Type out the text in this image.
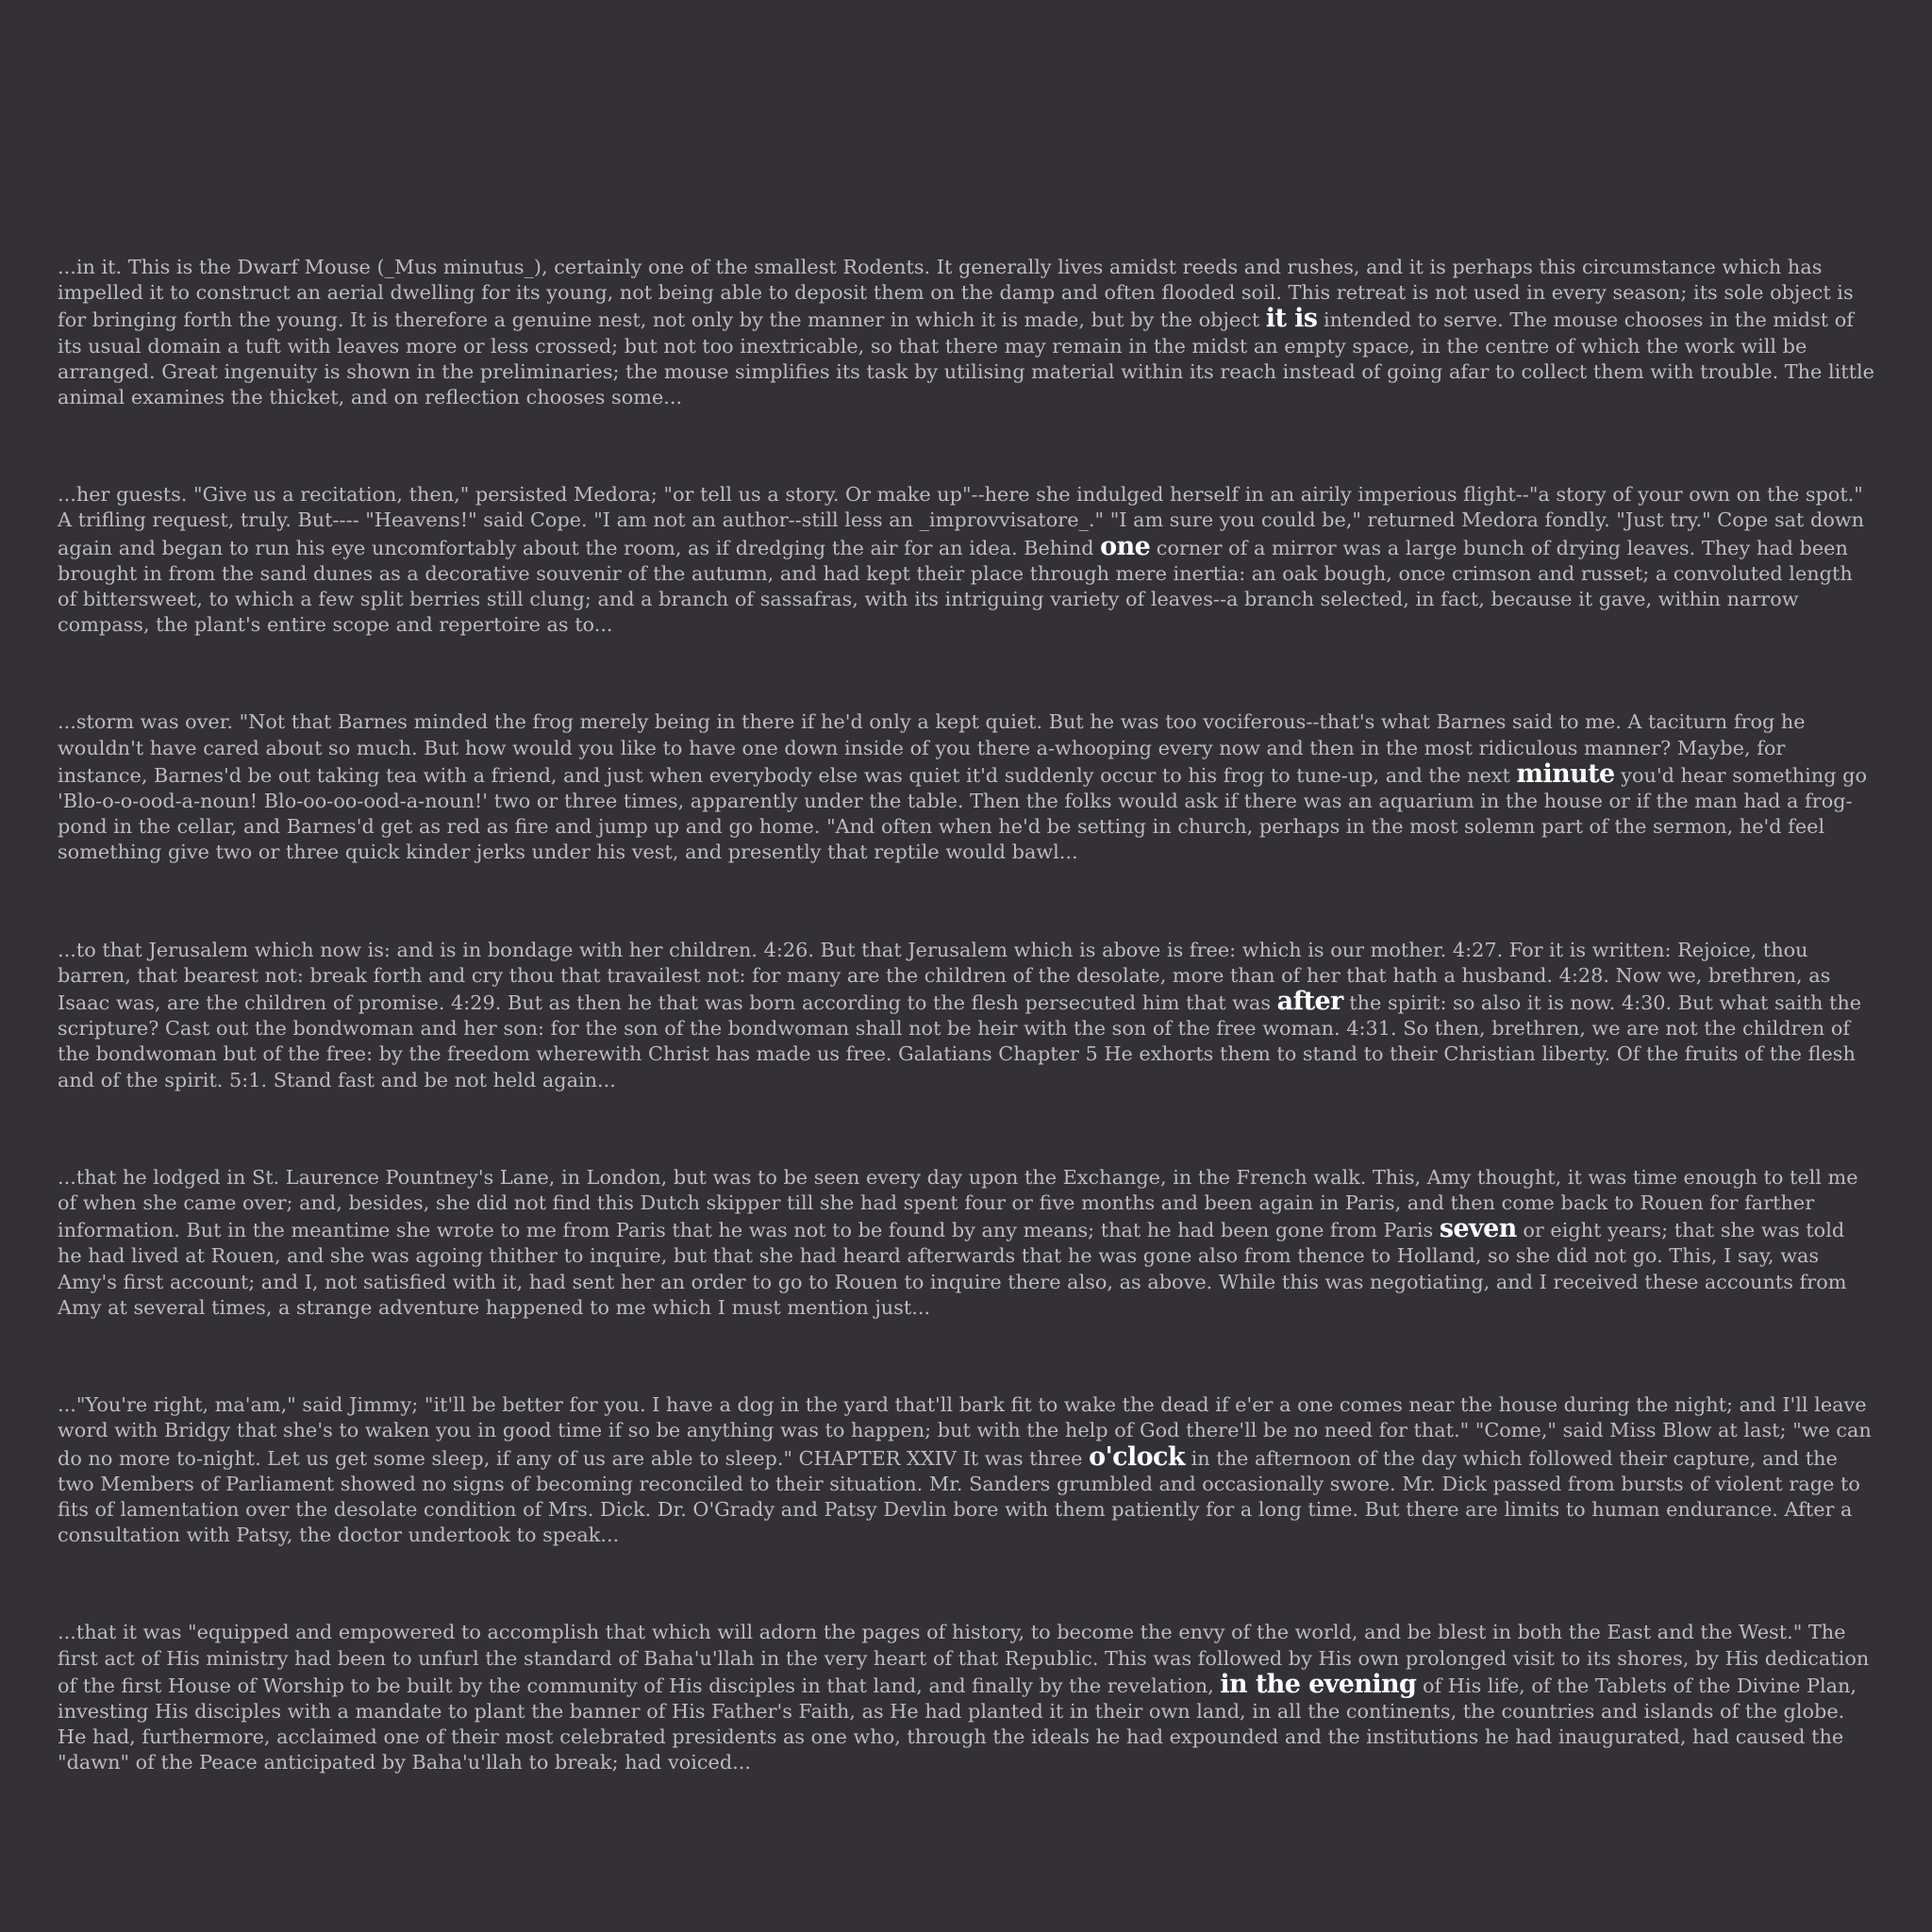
...in it. This is the Dwarf Mouse (_Mus minutus_), certainly one of the smallest Rodents. It generally lives amidst reeds and rushes, and it is perhaps this circumstance which has impelled it to construct an aerial dwelling for its young, not being able to deposit them on the damp and often flooded soil. This retreat is not used in every season; its sole object is for bringing forth the young. It is therefore a genuine nest, not only by the manner in which it is made, but by the object it is intended to serve. The mouse chooses in the midst of its usual domain a tuft with leaves more or less crossed; but not too inextricable, so that there may remain in the midst an empty space, in the centre of which the work will be arranged. Great ingenuity is shown in the preliminaries; the mouse simplifies its task by utilising material within its reach instead of going afar to collect them with trouble. The little animal examines the thicket, and on reflection chooses some...

...her guests. "Give us a recitation, then," persisted Medora; "or tell us a story. Or make up"--here she indulged herself in an airily imperious flight--"a story of your own on the spot." A trifling request, truly. But---- "Heavens!" said Cope. "I am not an author--still less an _improvvisatore_." "I am sure you could be," returned Medora fondly. "Just try." Cope sat down again and began to run his eye uncomfortably about the room, as if dredging the air for an idea. Behind one corner of a mirror was a large bunch of drying leaves. They had been brought in from the sand dunes as a decorative souvenir of the autumn, and had kept their place through mere inertia: an oak bough, once crimson and russet; a convoluted length of bittersweet, to which a few split berries still clung; and a branch of sassafras, with its intriguing variety of leaves--a branch selected, in fact, because it gave, within narrow compass, the plant's entire scope and repertoire as to...

...storm was over. "Not that Barnes minded the frog merely being in there if he'd only a kept quiet. But he was too vociferous--that's what Barnes said to me. A taciturn frog he wouldn't have cared about so much. But how would you like to have one down inside of you there a-whooping every now and then in the most ridiculous manner? Maybe, for instance, Barnes'd be out taking tea with a friend, and just when everybody else was quiet it'd suddenly occur to his frog to tune-up, and the next minute you'd hear something go 'Blo-o-o-ood-a-noun! Blo-oo-oo-ood-a-noun!' two or three times, apparently under the table. Then the folks would ask if there was an aquarium in the house or if the man had a frog-pond in the cellar, and Barnes'd get as red as fire and jump up and go home. "And often when he'd be setting in church, perhaps in the most solemn part of the sermon, he'd feel something give two or three quick kinder jerks under his vest, and presently that reptile would bawl...

...to that Jerusalem which now is: and is in bondage with her children. 4:26. But that Jerusalem which is above is free: which is our mother. 4:27. For it is written: Rejoice, thou barren, that bearest not: break forth and cry thou that travailest not: for many are the children of the desolate, more than of her that hath a husband. 4:28. Now we, brethren, as Isaac was, are the children of promise. 4:29. But as then he that was born according to the flesh persecuted him that was after the spirit: so also it is now. 4:30. But what saith the scripture? Cast out the bondwoman and her son: for the son of the bondwoman shall not be heir with the son of the free woman. 4:31. So then, brethren, we are not the children of the bondwoman but of the free: by the freedom wherewith Christ has made us free. Galatians Chapter 5 He exhorts them to stand to their Christian liberty. Of the fruits of the flesh and of the spirit. 5:1. Stand fast and be not held again...

...that he lodged in St. Laurence Pountney's Lane, in London, but was to be seen every day upon the Exchange, in the French walk. This, Amy thought, it was time enough to tell me of when she came over; and, besides, she did not find this Dutch skipper till she had spent four or five months and been again in Paris, and then come back to Rouen for farther information. But in the meantime she wrote to me from Paris that he was not to be found by any means; that he had been gone from Paris seven or eight years; that she was told he had lived at Rouen, and she was agoing thither to inquire, but that she had heard afterwards that he was gone also from thence to Holland, so she did not go. This, I say, was Amy's first account; and I, not satisfied with it, had sent her an order to go to Rouen to inquire there also, as above. While this was negotiating, and I received these accounts from Amy at several times, a strange adventure happened to me which I must mention just...

..."You're right, ma'am," said Jimmy; "it'll be better for you. I have a dog in the yard that'll bark fit to wake the dead if e'er a one comes near the house during the night; and I'll leave word with Bridgy that she's to waken you in good time if so be anything was to happen; but with the help of God there'll be no need for that." "Come," said Miss Blow at last; "we can do no more to-night. Let us get some sleep, if any of us are able to sleep." CHAPTER XXIV It was three o'clock in the afternoon of the day which followed their capture, and the two Members of Parliament showed no signs of becoming reconciled to their situation. Mr. Sanders grumbled and occasionally swore. Mr. Dick passed from bursts of violent rage to fits of lamentation over the desolate condition of Mrs. Dick. Dr. O'Grady and Patsy Devlin bore with them patiently for a long time. But there are limits to human endurance. After a consultation with Patsy, the doctor undertook to speak...

...that it was "equipped and empowered to accomplish that which will adorn the pages of history, to become the envy of the world, and be blest in both the East and the West." The first act of His ministry had been to unfurl the standard of Baha'u'llah in the very heart of that Republic. This was followed by His own prolonged visit to its shores, by His dedication of the first House of Worship to be built by the community of His disciples in that land, and finally by the revelation, in the evening of His life, of the Tablets of the Divine Plan, investing His disciples with a mandate to plant the banner of His Father's Faith, as He had planted it in their own land, in all the continents, the countries and islands of the globe. He had, furthermore, acclaimed one of their most celebrated presidents as one who, through the ideals he had expounded and the institutions he had inaugurated, had caused the "dawn" of the Peace anticipated by Baha'u'llah to break; had voiced...
